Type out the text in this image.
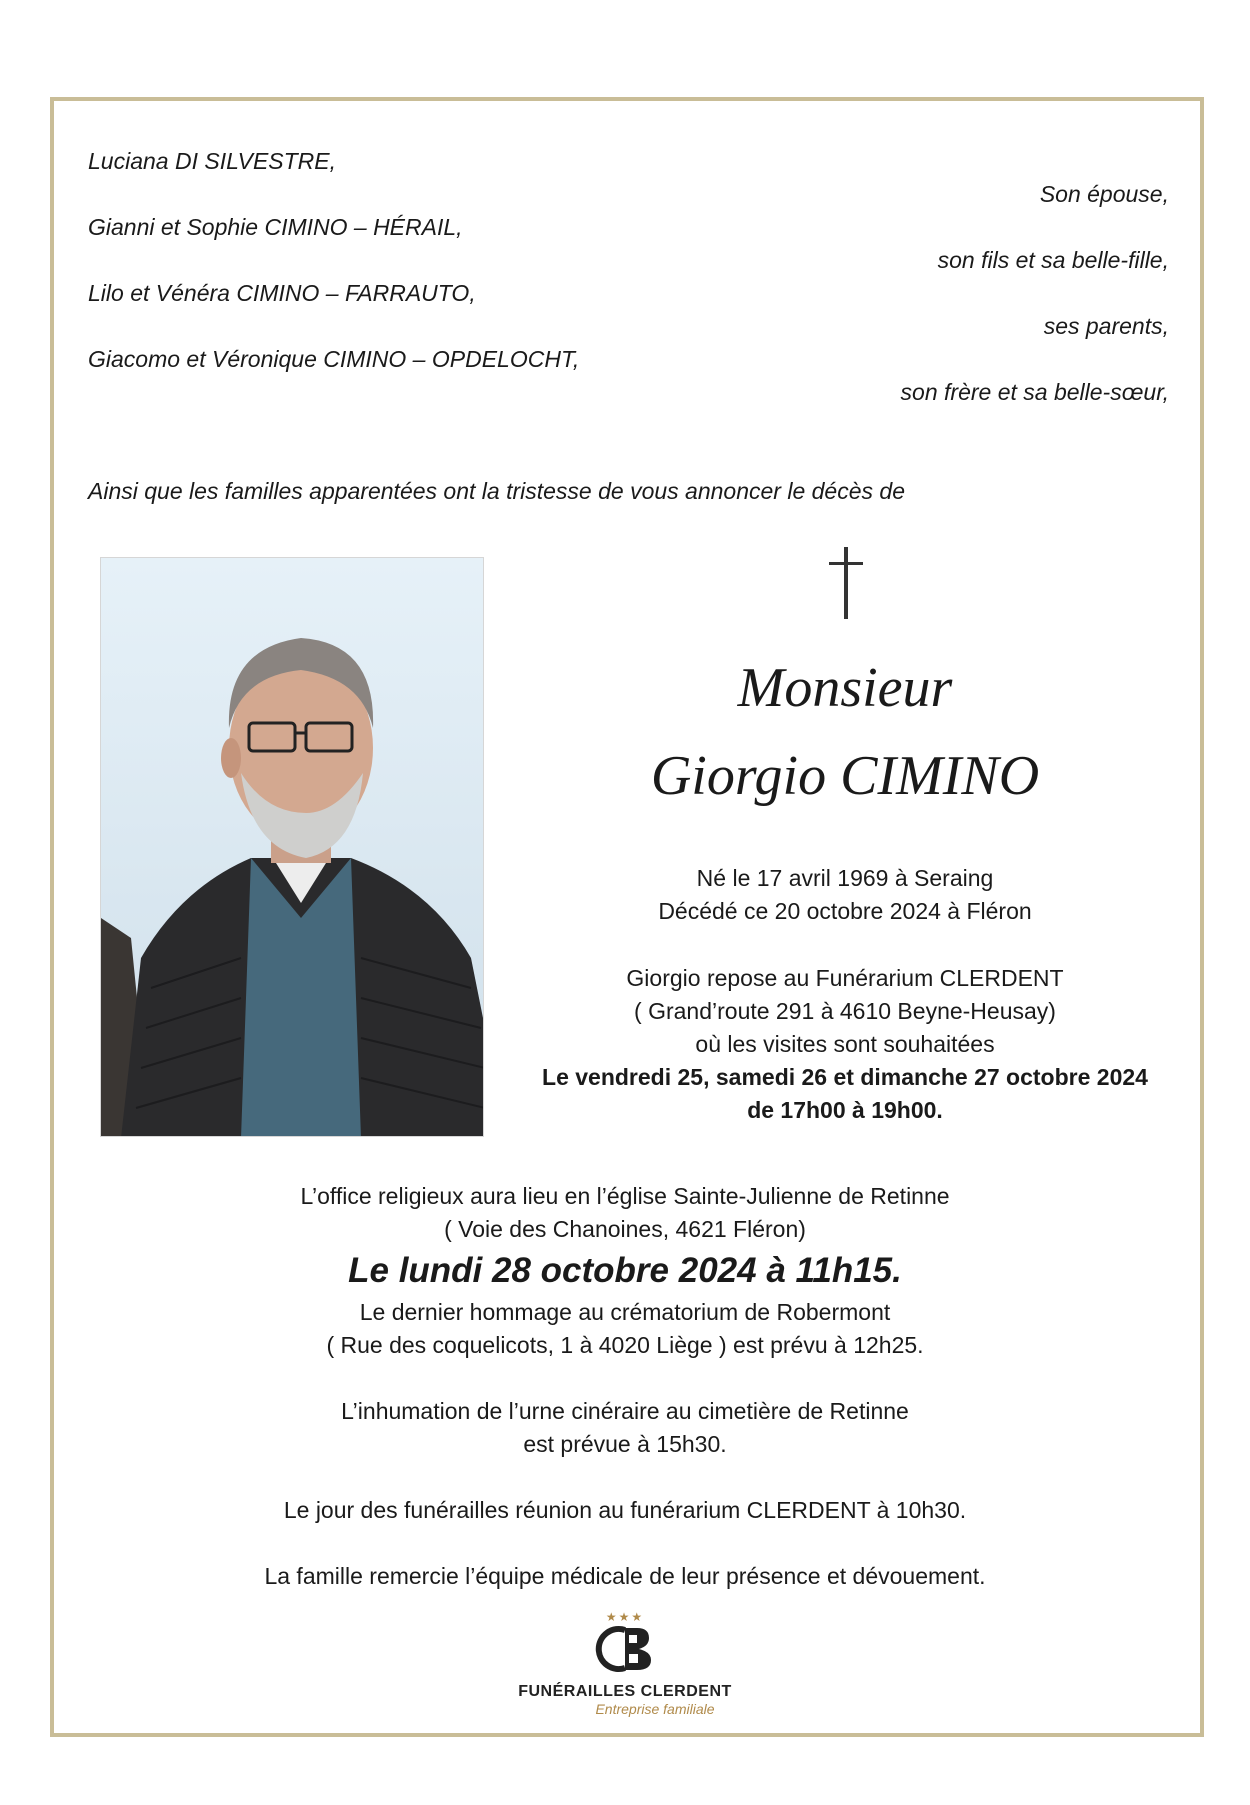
Luciana DI SILVESTRE,
Son épouse,
Gianni et Sophie CIMINO – HÉRAIL,
son fils et sa belle-fille,
Lilo et Vénéra CIMINO – FARRAUTO,
ses parents,
Giacomo et Véronique CIMINO – OPDELOCHT,
son frère et sa belle-sœur,
Ainsi que les familles apparentées ont la tristesse de vous annoncer le décès de
Monsieur
Giorgio CIMINO
Né le 17 avril 1969 à Seraing
Décédé ce 20 octobre 2024 à Fléron
Giorgio repose au Funérarium CLERDENT
( Grand’route 291 à 4610 Beyne-Heusay)
où les visites sont souhaitées
Le vendredi 25, samedi 26 et dimanche 27 octobre 2024
de 17h00 à 19h00.
L’office religieux aura lieu en l’église Sainte-Julienne de Retinne
( Voie des Chanoines, 4621 Fléron)
Le lundi 28 octobre 2024 à 11h15.
Le dernier hommage au crématorium de Robermont
( Rue des coquelicots, 1 à 4020 Liège ) est prévu à 12h25.
L’inhumation de l’urne cinéraire au cimetière de Retinne
est prévue à 15h30.
Le jour des funérailles réunion au funérarium CLERDENT à 10h30.
La famille remercie l’équipe médicale de leur présence et dévouement.
★★★
FUNÉRAILLES CLERDENT
Entreprise familiale
